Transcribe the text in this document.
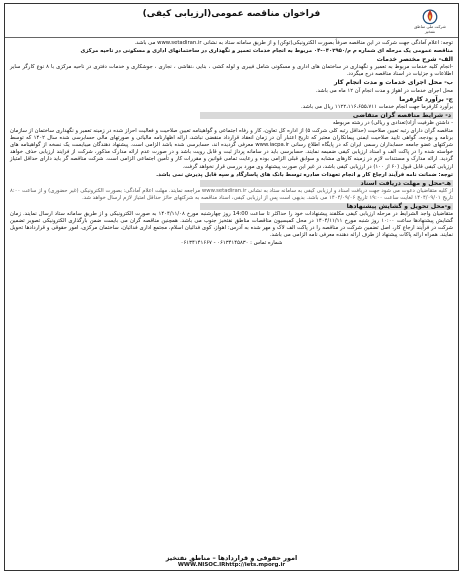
شرکت ملی مناطق نفتخیز
فراخوان مناقصه عمومی(ارزیابی کیفی)

توجه: اعلام آمادگی جهت شرکت در این مناقصه صرفاً بصورت الکترونیکی(توکن) و از طریق سامانه ستاد به نشانی www.setadiran.ir می باشد.

مناقصه عمومی یک مرحله ای شماره م م/۰۴۰۲۹۵۰-۰۴ مربوط به انجام خدمات تعمیر و نگهداری در ساختمانهای اداری و مسکونی در ناحیه مرکزی

الف- شرح مختصر خدمات

-انجام کلیه خدمات مربوط به تعمیر و نگهداری در ساختمان های اداری و مسکونی شامل فیبری و لوله کشی ، بنایی ،نقاشی ، نجاری ، جوشکاری و خدمات دفتری در ناحیه مرکزی با ۸ نوع کارگر سایر اطلاعات و جزئیات در اسناد مناقصه درج میگردد.

ب- محل اجرای خدمات و مدت انجام کار

محل اجرای خدمات در اهواز و مدت انجام آن ۱۲ ماه می باشد.

ج- برآورد کارفرما

برآورد کارفرما جهت انجام خدمات ۱۱۲۲،۱۱۶،۶۵۵،۷۱۱ ریال می باشد.

د- شرایط مناقصه گران متقاضی

- داشتن ظرفیت آزاد(تعدادی و ریالی) در رشته مربوطه

مناقصه گران دارای رتبه تعیین صلاحیت (حداقل رتبه کلی شرکت ۵) از اداره کل تعاون، کار و رفاه اجتماعی و گواهینامه تعیین صلاحیت و فعالیت احراز شده در زمینه تعمیر و نگهداری ساختمان از سازمان برنامه و بودجه، گواهی تایید صلاحیت ایمنی پیمانکاران معتبر که تاریخ اعتبار آن در زمان انعقاد قرارداد منقضی نباشد، ارائه اظهارنامه مالیاتی و صورتهای مالی حسابرسی شده سال ۱۴۰۲ که توسط شرکتهای عضو جامعه حسابداران رسمی ایران که در پایگاه اطلاع رسانی www.iacpa.ir معرفی گردیده اند، حسابرسی شده باشد الزامی است. پیشنهاد دهندگان میبایست یک نسخه از گواهینامه های خواسته شده را در پاکت الف و اسناد ارزیابی کیفی ضمیمه نمایند. حسابرسی باید در سامانه پرداز ثبت و قابل رویت باشد و در صورت عدم ارائه مدارک مذکور، شرکت از فرایند ارزیابی حذف خواهد گردید. ارائه مدارک و مستندات لازم در زمینه کارهای مشابه و سوابق قبلی الزامی بوده و رعایت تمامی قوانین و مقررات کار و تأمین اجتماعی الزامی است. شرکت مناقصه گر باید دارای حداقل امتیاز ارزیابی کیفی قابل قبول (۶۰ از ۱۰۰) در ارزیابی کیفی باشد، در غیر این صورت پیشنهاد وی مورد بررسی قرار نخواهد گرفت.

توجه: ضمانت نامه فرآیند ارجاع کار و انجام تعهدات صادره توسط بانک های پاسارگاد و سپه قابل پذیرش نمی باشد.

هـ-محل و مهلت دریافت اسناد

از کلیه متقاضیان دعوت می شود جهت دریافت اسناد و ارزیابی کیفی به سامانه ستاد به نشانی www.setadiran.ir مراجعه نمایند. مهلت اعلام آمادگی: بصورت الکترونیکی (غیر حضوری) و از ساعت ۸:۰۰ تاریخ ۱۴۰۴/۰۹/۰۱ لغایت ساعت ۱۹:۰۰ تاریخ ۱۴۰۴/۰۹/۰۶ می باشد. بدیهی است پس از ارزیابی کیفی، اسناد مناقصه به شرکتهای حائز حداقل امتیاز لازم ارسال خواهد شد.

و-محل تحویل و گشایش پیشنهادها

متقاضیان واجد الشرایط در مرحله ارزیابی کیفی مکلفند پیشنهادات خود را حداکثر تا ساعت 14:00 روز چهارشنبه مورخ ۱۴۰۴/۱۱/۰۸ به صورت الکترونیکی و از طریق سامانه ستاد ارسال نمایند. زمان گشایش پیشنهادها ساعت ۱۰:۰۰ روز شنبه مورخ ۱۴۰۴/۱۱/۱۱ در محل کمیسیون مناقصات مناطق نفتخیز جنوب می باشد. همچنین مناقصه گران می بایست ضمن بارگذاری الکترونیکی تصویر تضمین شرکت در فرآیند ارجاع کار، اصل تضمین شرکت در مناقصه را در پاکت الف لاک و مهر شده به آدرس: اهواز، کوی فدائیان اسلام، مجتمع اداری فدائیان، ساختمان مرکزی، امور حقوقی و قراردادها تحویل نمایند. همراه ارائه پاکات پیشنهاد از طرف ارائه دهنده معرفی نامه الزامی می باشد.

شماره تماس : ۰۶۱۳۴۱۴۵۸۳۰ - ۰۶۱۳۴۱۴۱۶۶۷

امور حقوقی و قراردادها – مناطق نفتخیز
WWW.NISOC.IRhttp://iets.mporg.ir
